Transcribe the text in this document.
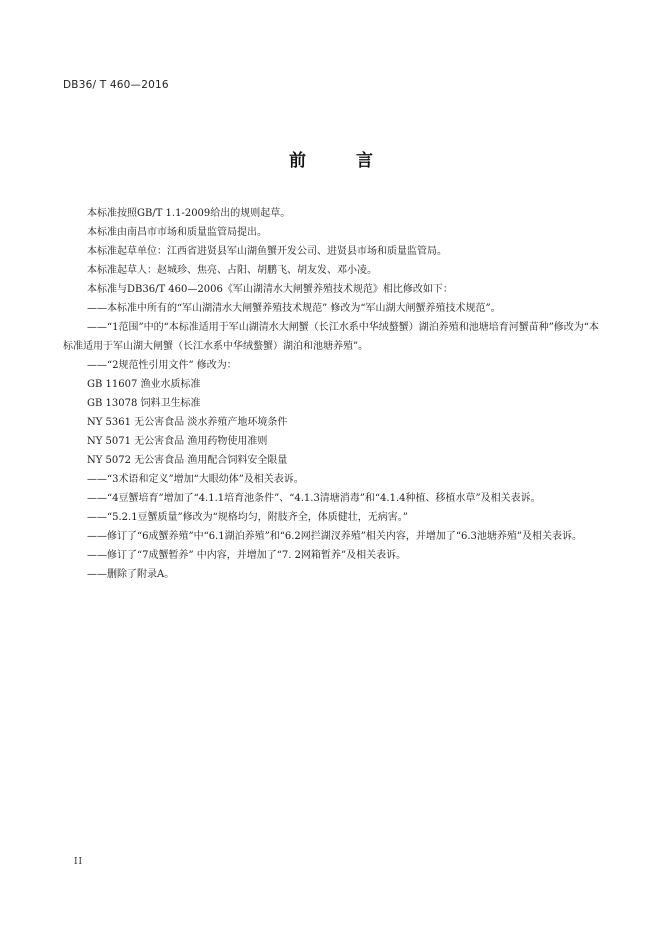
DB36/ T 460—2016
前 言

本标准按照GB/T 1.1-2009给出的规则起草。

本标准由南昌市市场和质量监管局提出。

本标准起草单位：江西省进贤县军山湖鱼蟹开发公司、进贤县市场和质量监管局。

本标准起草人：赵城珍、焦亮、占阳、胡鹏飞、胡友发、邓小凌。

本标准与DB36/T 460—2006《军山湖清水大闸蟹养殖技术规范》相比修改如下：

——本标准中所有的“军山湖清水大闸蟹养殖技术规范” 修改为“军山湖大闸蟹养殖技术规范”。

——“1范围”中的“本标准适用于军山湖清水大闸蟹（长江水系中华绒螯蟹）湖泊养殖和池塘培育河蟹苗种”修改为“本标准适用于军山湖大闸蟹（长江水系中华绒螯蟹）湖泊和池塘养殖”。

——“2规范性引用文件” 修改为：

GB 11607 渔业水质标准

GB 13078 饲料卫生标准

NY 5361 无公害食品 淡水养殖产地环境条件

NY 5071 无公害食品 渔用药物使用准则

NY 5072 无公害食品 渔用配合饲料安全限量

——“3术语和定义”增加“大眼幼体”及相关表诉。

——“4豆蟹培育”增加了“4.1.1培育池条件”、“4.1.3清塘消毒”和“4.1.4种植、移植水草”及相关表诉。

——“5.2.1豆蟹质量”修改为“规格均匀，附肢齐全，体质健壮，无病害。”

——修订了“6成蟹养殖”中“6.1湖泊养殖”和“6.2网拦湖汊养殖”相关内容，并增加了“6.3池塘养殖”及相关表诉。

——修订了“7成蟹暂养” 中内容，并增加了“7. 2网箱暂养”及相关表诉。

——删除了附录A。

II
